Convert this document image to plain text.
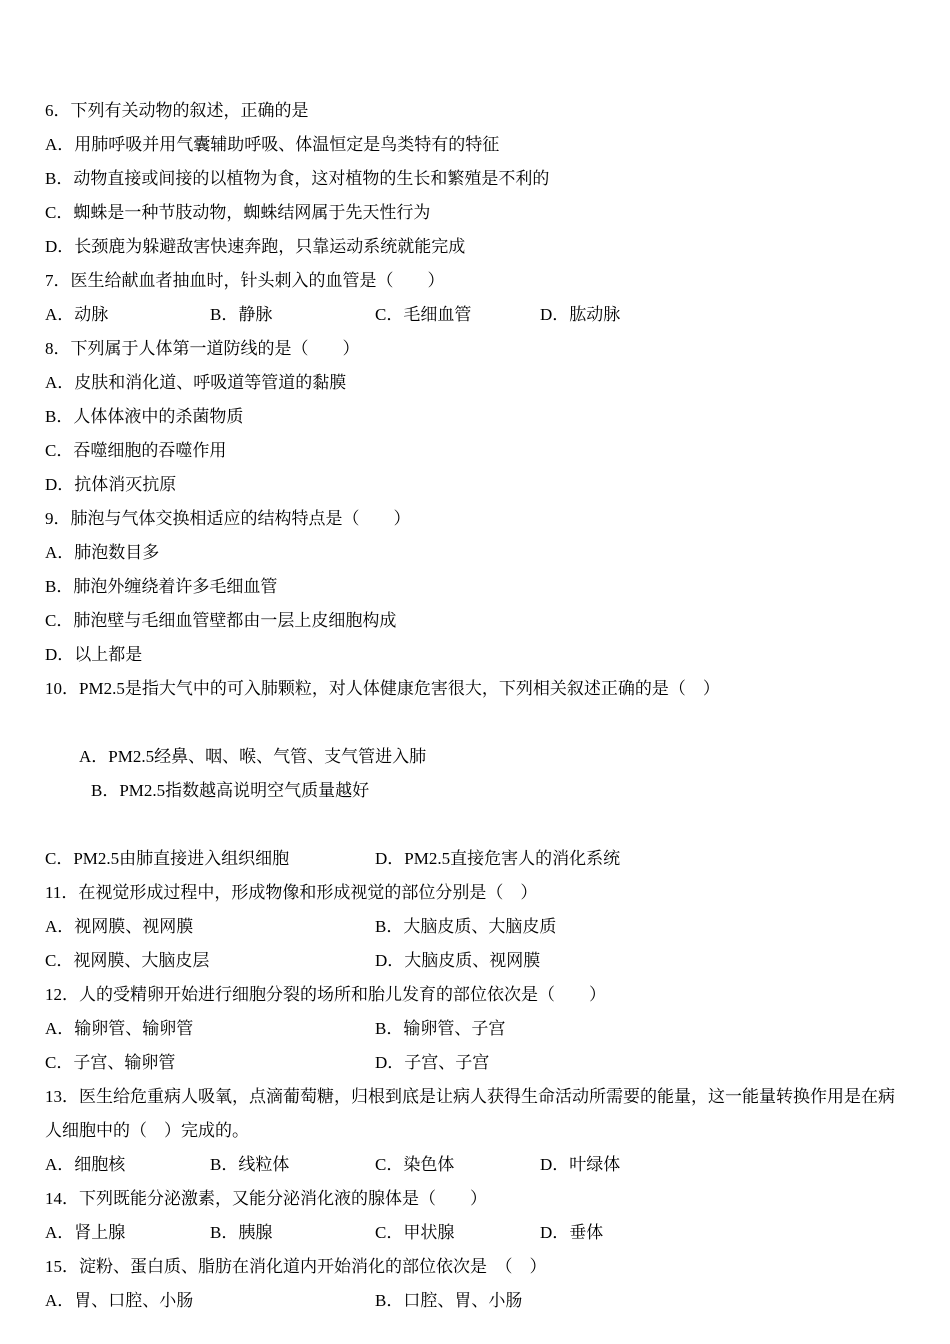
6．下列有关动物的叙述，正确的是
A．用肺呼吸并用气囊辅助呼吸、体温恒定是鸟类特有的特征
B．动物直接或间接的以植物为食，这对植物的生长和繁殖是不利的
C．蜘蛛是一种节肢动物，蜘蛛结网属于先天性行为
D．长颈鹿为躲避敌害快速奔跑，只靠运动系统就能完成
7．医生给献血者抽血时，针头刺入的血管是（　　）
A．动脉	B．静脉	C．毛细血管	D．肱动脉
8．下列属于人体第一道防线的是（　　）
A．皮肤和消化道、呼吸道等管道的黏膜
B．人体体液中的杀菌物质
C．吞噬细胞的吞噬作用
D．抗体消灭抗原
9．肺泡与气体交换相适应的结构特点是（　　）
A．肺泡数目多
B．肺泡外缠绕着许多毛细血管
C．肺泡壁与毛细血管壁都由一层上皮细胞构成
D．以上都是
10．PM2.5是指大气中的可入肺颗粒，对人体健康危害很大，下列相关叙述正确的是（　）

A．PM2.5经鼻、咽、喉、气管、支气管进入肺
B．PM2.5指数越高说明空气质量越好

C．PM2.5由肺直接进入组织细胞	D．PM2.5直接危害人的消化系统
11．在视觉形成过程中，形成物像和形成视觉的部位分别是（　）
A．视网膜、视网膜	B．大脑皮质、大脑皮质
C．视网膜、大脑皮层	D．大脑皮质、视网膜
12．人的受精卵开始进行细胞分裂的场所和胎儿发育的部位依次是（　　）
A．输卵管、输卵管	B．输卵管、子宫
C．子宫、输卵管	D．子宫、子宫
13．医生给危重病人吸氧，点滴葡萄糖，归根到底是让病人获得生命活动所需要的能量，这一能量转换作用是在病人细胞中的（　）完成的。
A．细胞核	B．线粒体	C．染色体	D．叶绿体
14．下列既能分泌激素，又能分泌消化液的腺体是（　　）
A．肾上腺	B．胰腺	C．甲状腺	D．垂体
15．淀粉、蛋白质、脂肪在消化道内开始消化的部位依次是　（　）
A．胃、口腔、小肠	B．口腔、胃、小肠
